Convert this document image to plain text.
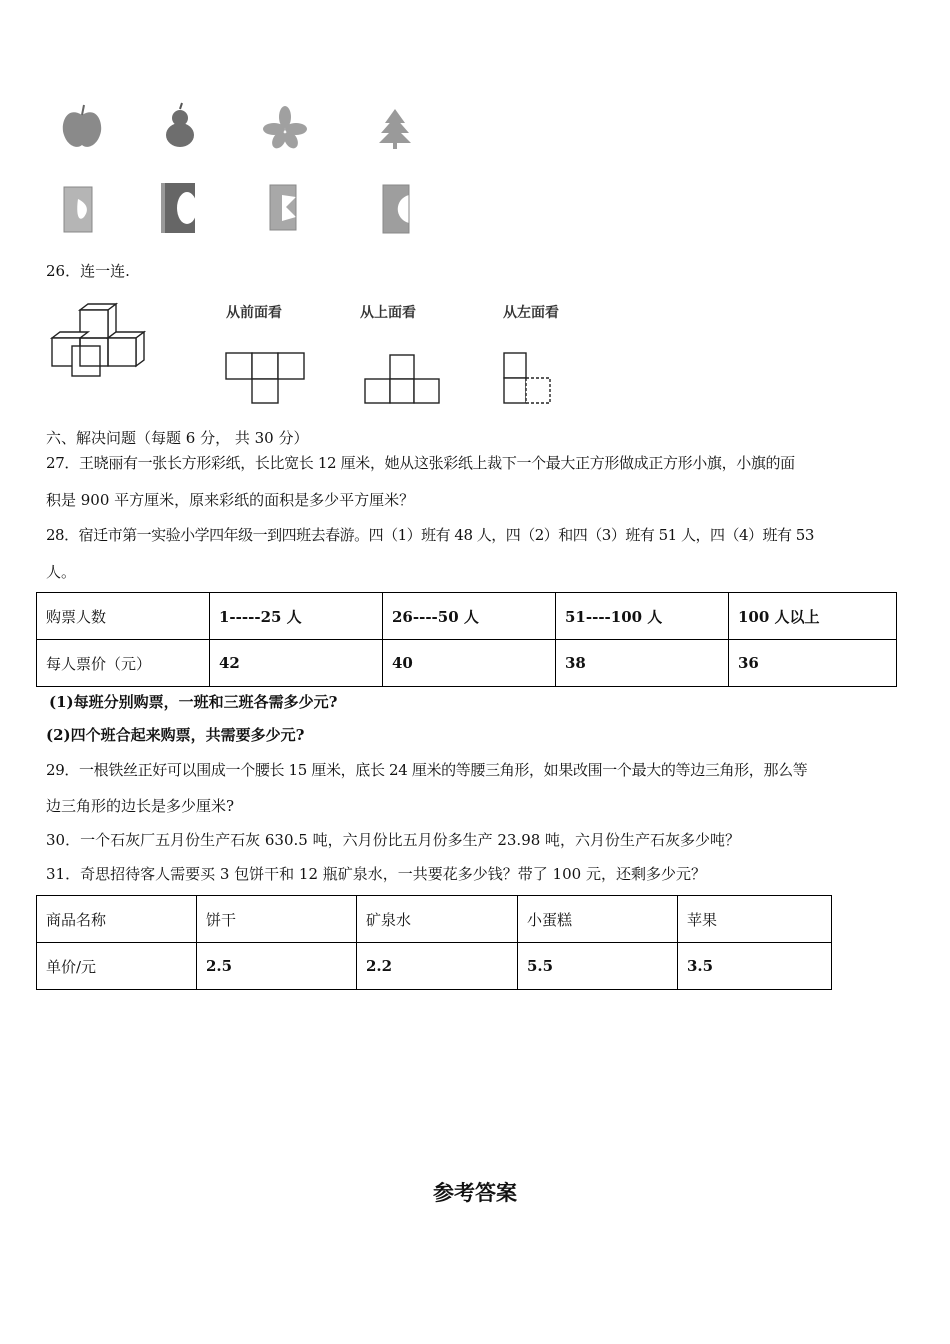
26．连一连.
从前面看	从上面看	从左面看
六、解决问题（每题 6 分， 共 30 分）
27．王晓丽有一张长方形彩纸，长比宽长 12 厘米，她从这张彩纸上裁下一个最大正方形做成正方形小旗，小旗的面
积是 900 平方厘米，原来彩纸的面积是多少平方厘米？
28．宿迁市第一实验小学四年级一到四班去春游。四（1）班有 48 人，四（2）和四（3）班有 51 人，四（4）班有 53
人。
购票人数	1-----25 人	26----50 人	51----100 人	100 人以上
每人票价（元）	42	40	38	36
(1)每班分别购票，一班和三班各需多少元?
(2)四个班合起来购票，共需要多少元?
29．一根铁丝正好可以围成一个腰长 15 厘米，底长 24 厘米的等腰三角形，如果改围一个最大的等边三角形，那么等
边三角形的边长是多少厘米?
30．一个石灰厂五月份生产石灰 630.5 吨，六月份比五月份多生产 23.98 吨，六月份生产石灰多少吨？
31．奇思招待客人需要买 3 包饼干和 12 瓶矿泉水，一共要花多少钱？带了 100 元，还剩多少元？
商品名称	饼干	矿泉水	小蛋糕	苹果
单价/元	2.5	2.2	5.5	3.5
参考答案
